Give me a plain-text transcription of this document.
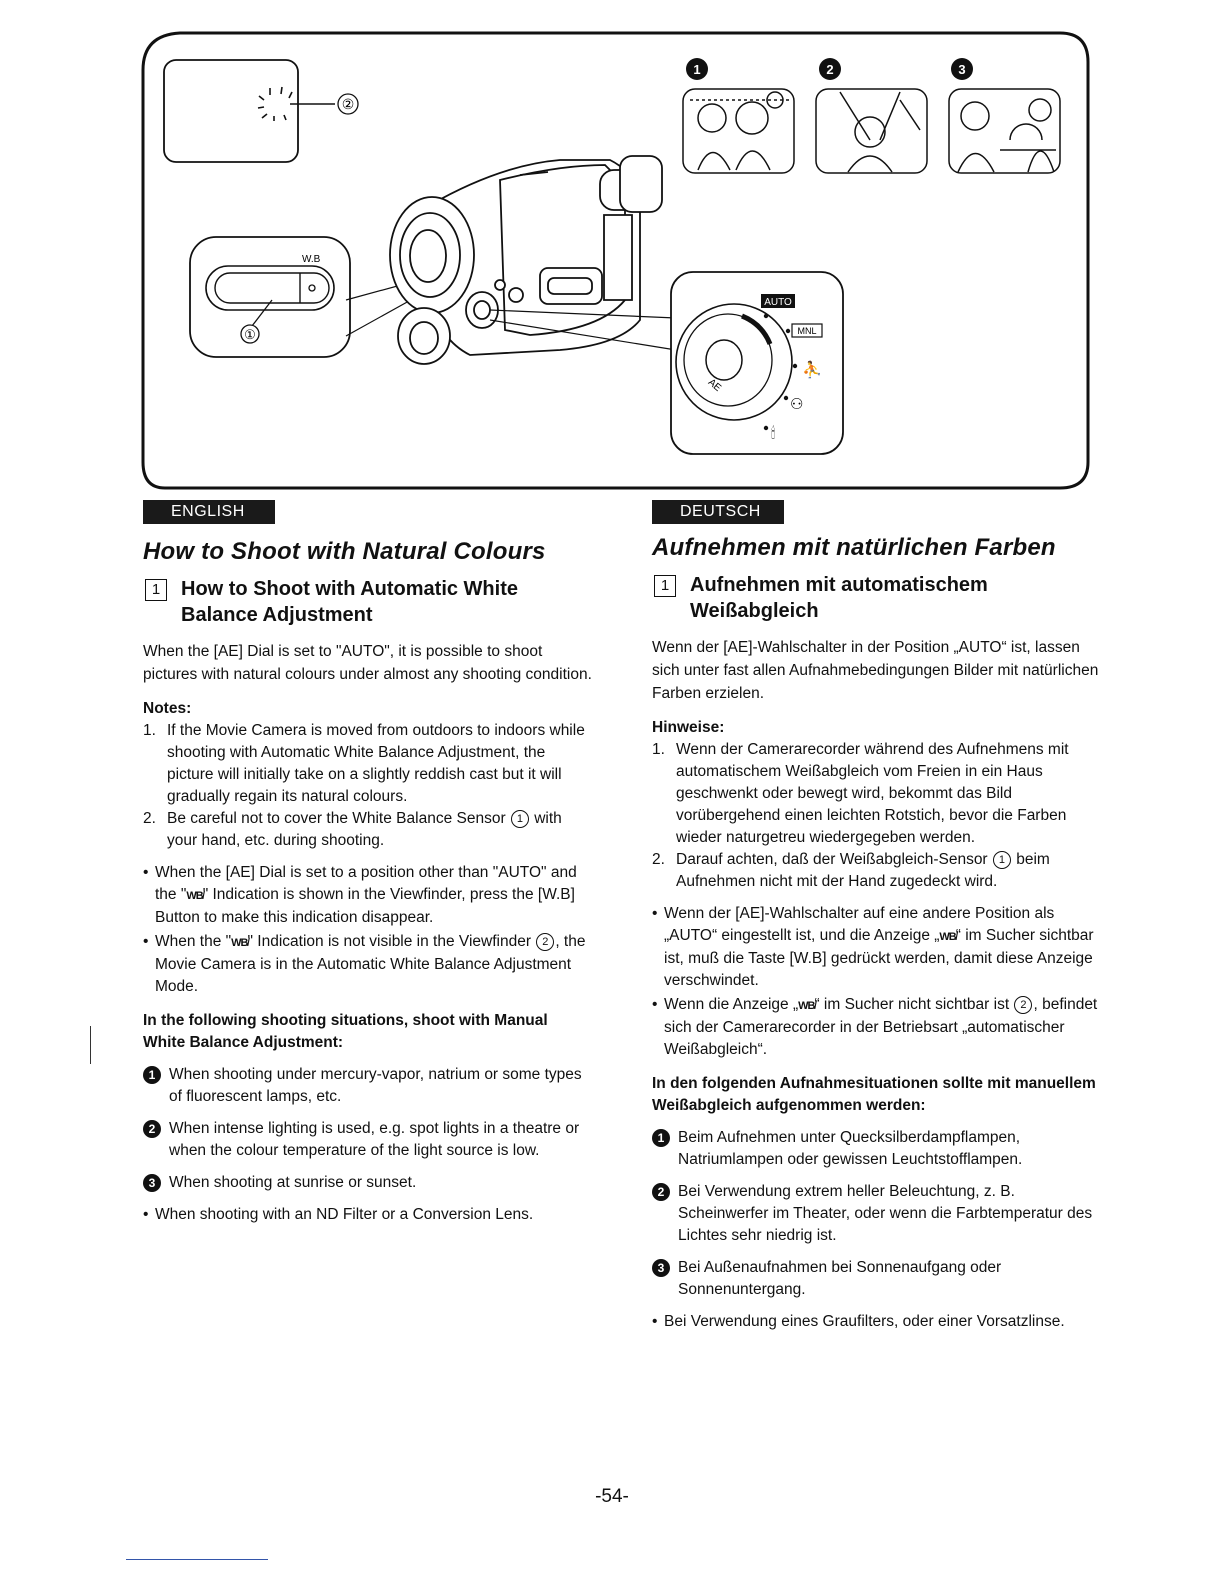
②
W.B
①
AE
AUTO
MNL
⛹
⚇
🕯
1	2	3
ENGLISH
How to Shoot with Natural Colours
1	How to Shoot with Automatic White
Balance Adjustment

When the [AE] Dial is set to "AUTO", it is possible to shoot pictures with natural colours under almost any shooting condition.

Notes:
1. If the Movie Camera is moved from outdoors to indoors while shooting with Automatic White Balance Adjustment, the picture will initially take on a slightly reddish cast but it will gradually regain its natural colours.
2. Be careful not to cover the White Balance Sensor 1 with your hand, etc. during shooting.
• When the [AE] Dial is set to a position other than "AUTO" and the "WB̸" Indication is shown in the Viewfinder, press the [W.B] Button to make this indication disappear.
• When the "WB̸" Indication is not visible in the Viewfinder 2 , the Movie Camera is in the Automatic White Balance Adjustment Mode.
In the following shooting situations, shoot with Manual White Balance Adjustment:
1 When shooting under mercury-vapor, natrium or some types of fluorescent lamps, etc.
2 When intense lighting is used, e.g. spot lights in a theatre or when the colour temperature of the light source is low.
3 When shooting at sunrise or sunset.
• When shooting with an ND Filter or a Conversion Lens.
DEUTSCH
Aufnehmen mit natürlichen Farben
1	Aufnehmen mit automatischem
Weißabgleich

Wenn der [AE]-Wahlschalter in der Position „AUTO“ ist, lassen sich unter fast allen Aufnahmebedingungen Bilder mit natürlichen Farben erzielen.

Hinweise:
1. Wenn der Camerarecorder während des Aufnehmens mit automatischem Weißabgleich vom Freien in ein Haus geschwenkt oder bewegt wird, bekommt das Bild vorübergehend einen leichten Rotstich, bevor die Farben wieder naturgetreu wiedergegeben werden.
2. Darauf achten, daß der Weißabgleich-Sensor 1 beim Aufnehmen nicht mit der Hand zugedeckt wird.
• Wenn der [AE]-Wahlschalter auf eine andere Position als „AUTO“ eingestellt ist, und die Anzeige „WB̸“ im Sucher sichtbar ist, muß die Taste [W.B] gedrückt werden, damit diese Anzeige verschwindet.
• Wenn die Anzeige „WB̸“ im Sucher nicht sichtbar ist 2 , befindet sich der Camerarecorder in der Betriebsart „automatischer Weißabgleich“.
In den folgenden Aufnahmesituationen sollte mit manuellem Weißabgleich aufgenommen werden:
1 Beim Aufnehmen unter Quecksilberdampflampen, Natriumlampen oder gewissen Leuchtstofflampen.
2 Bei Verwendung extrem heller Beleuchtung, z. B. Scheinwerfer im Theater, oder wenn die Farbtemperatur des Lichtes sehr niedrig ist.
3 Bei Außenaufnahmen bei Sonnenaufgang oder Sonnenuntergang.
• Bei Verwendung eines Graufilters, oder einer Vorsatzlinse.
-54-
